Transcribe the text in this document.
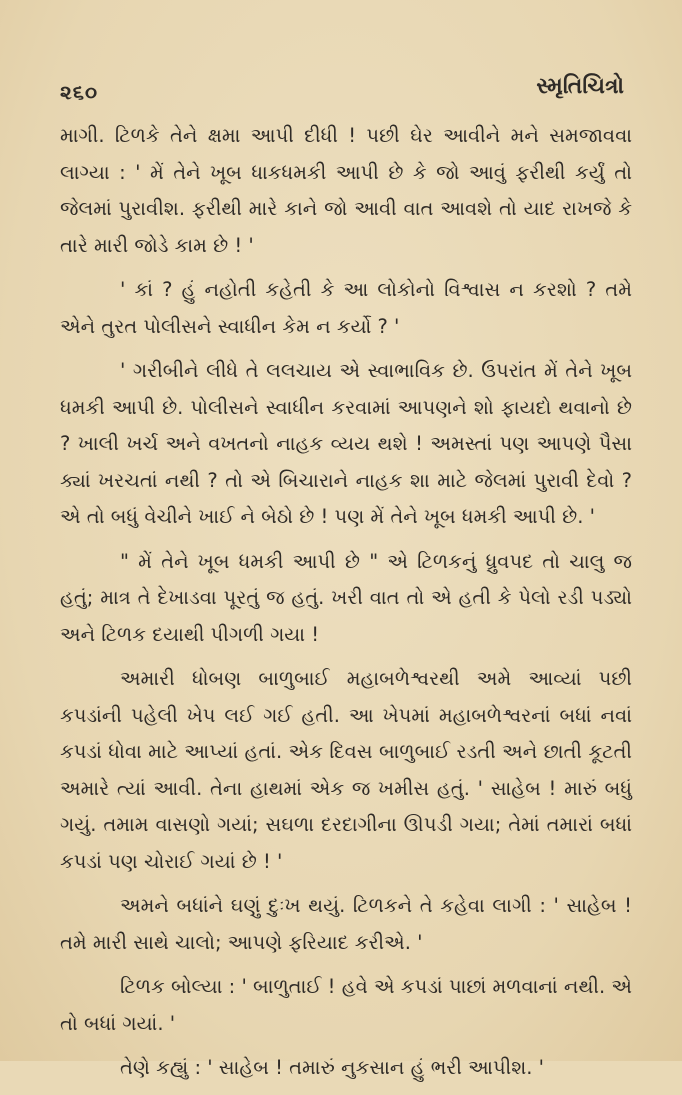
૨૬૦	સ્મૃતિચિત્રો

માગી. ટિળકે તેને ક્ષમા આપી દીધી ! પછી ઘેર આવીને મને સમજાવવા લાગ્યા : ' મેં તેને ખૂબ ધાકધમકી આપી છે કે જો આવું ફરીથી કર્યું તો જેલમાં પુરાવીશ. ફરીથી મારે કાને જો આવી વાત આવશે તો યાદ રાખજે કે તારે મારી જોડે કામ છે ! '

' કાં ? હું નહોતી કહેતી કે આ લોકોનો વિશ્વાસ ન કરશો ? તમે એને તુરત પોલીસને સ્વાધીન કેમ ન કર્યો ? '

' ગરીબીને લીધે તે લલચાય એ સ્વાભાવિક છે. ઉપરાંત મેં તેને ખૂબ ધમકી આપી છે. પોલીસને સ્વાધીન કરવામાં આપણને શો ફાયદો થવાનો છે ? ખાલી ખર્ચ અને વખતનો નાહક વ્યય થશે ! અમસ્તાં પણ આપણે પૈસા ક્યાં ખરચતાં નથી ? તો એ બિચારાને નાહક શા માટે જેલમાં પુરાવી દેવો ? એ તો બધું વેચીને ખાઈ ને બેઠો છે ! પણ મેં તેને ખૂબ ધમકી આપી છે. '

" મેં તેને ખૂબ ધમકી આપી છે " એ ટિળકનું ધ્રુવપદ તો ચાલુ જ હતું; માત્ર તે દેખાડવા પૂરતું જ હતું. ખરી વાત તો એ હતી કે પેલો રડી પડ્યો અને ટિળક દયાથી પીગળી ગયા !

અમારી ધોબણ બાળુબાઈ મહાબળેશ્વરથી અમે આવ્યાં પછી કપડાંની પહેલી ખેપ લઈ ગઈ હતી. આ ખેપમાં મહાબળેશ્વરનાં બધાં નવાં કપડાં ધોવા માટે આપ્યાં હતાં. એક દિવસ બાળુબાઈ રડતી અને છાતી કૂટતી અમારે ત્યાં આવી. તેના હાથમાં એક જ ખમીસ હતું. ' સાહેબ ! મારું બધું ગયું. તમામ વાસણો ગયાં; સઘળા દરદાગીના ઊપડી ગયા; તેમાં તમારાં બધાં કપડાં પણ ચોરાઈ ગયાં છે ! '

અમને બધાંને ઘણું દુઃખ થયું. ટિળકને તે કહેવા લાગી : ' સાહેબ ! તમે મારી સાથે ચાલો; આપણે ફરિયાદ કરીએ. '

ટિળક બોલ્યા : ' બાળુતાઈ ! હવે એ કપડાં પાછાં મળવાનાં નથી. એ તો બધાં ગયાં. '

તેણે કહ્યું : ' સાહેબ ! તમારું નુકસાન હું ભરી આપીશ. '
